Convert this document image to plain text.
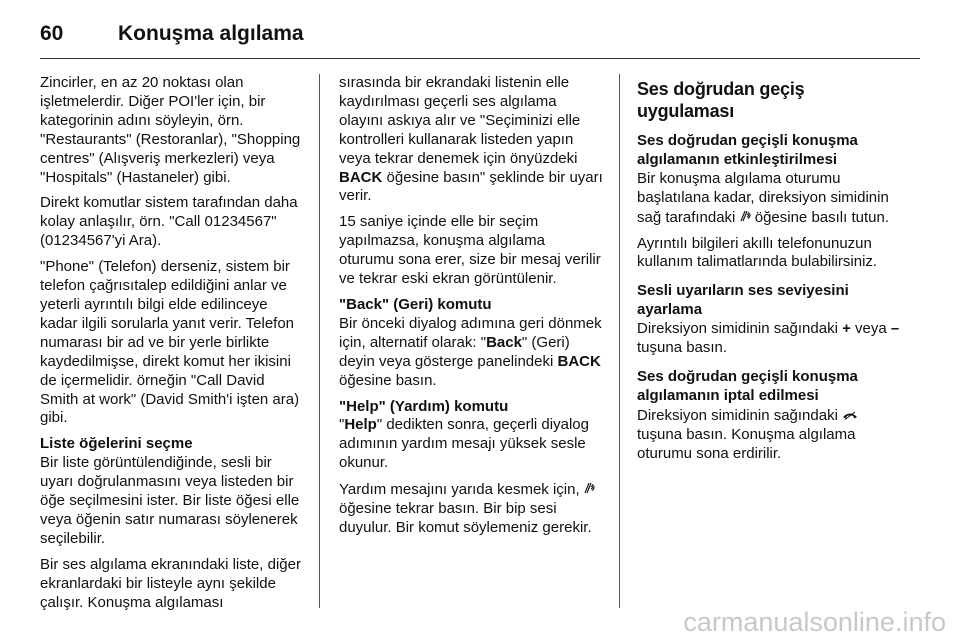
60	Konuşma algılama

Zincirler, en az 20 noktası olan işletmelerdir. Diğer POI'ler için, bir kategorinin adını söyleyin, örn. "Restaurants" (Restoranlar), "Shopping centres" (Alışveriş merkezleri) veya "Hospitals" (Hastaneler) gibi.

Direkt komutlar sistem tarafından daha kolay anlaşılır, örn. "Call 01234567" (01234567'yi Ara).

"Phone" (Telefon) derseniz, sistem bir telefon çağrısıtalep edildiğini anlar ve yeterli ayrıntılı bilgi elde edilinceye kadar ilgili sorularla yanıt verir. Telefon numarası bir ad ve bir yerle birlikte kaydedilmişse, direkt komut her ikisini de içermelidir. örneğin "Call David Smith at work" (David Smith'i işten ara) gibi.

Liste öğelerini seçme

Bir liste görüntülendiğinde, sesli bir uyarı doğrulanmasını veya listeden bir öğe seçilmesini ister. Bir liste öğesi elle veya öğenin satır numarası söylenerek seçilebilir.

Bir ses algılama ekranındaki liste, diğer ekranlardaki bir listeyle aynı şekilde çalışır. Konuşma algılaması

sırasında bir ekrandaki listenin elle kaydırılması geçerli ses algılama olayını askıya alır ve "Seçiminizi elle kontrolleri kullanarak listeden yapın veya tekrar denemek için önyüzdeki BACK öğesine basın" şeklinde bir uyarı verir.

15 saniye içinde elle bir seçim yapılmazsa, konuşma algılama oturumu sona erer, size bir mesaj verilir ve tekrar eski ekran görüntülenir.

"Back" (Geri) komutu

Bir önceki diyalog adımına geri dönmek için, alternatif olarak: "Back" (Geri) deyin veya gösterge panelindeki BACK öğesine basın.

"Help" (Yardım) komutu

"Help" dedikten sonra, geçerli diyalog adımının yardım mesajı yüksek sesle okunur.

Yardım mesajını yarıda kesmek için,  öğesine tekrar basın. Bir bip sesi duyulur. Bir komut söylemeniz gerekir.

Ses doğrudan geçiş uygulaması
Ses doğrudan geçişli konuşma algılamanın etkinleştirilmesi

Bir konuşma algılama oturumu başlatılana kadar, direksiyon simidinin sağ tarafındaki  öğesine basılı tutun.

Ayrıntılı bilgileri akıllı telefonunuzun kullanım talimatlarında bulabilirsiniz.

Sesli uyarıların ses seviyesini ayarlama

Direksiyon simidinin sağındaki + veya – tuşuna basın.

Ses doğrudan geçişli konuşma algılamanın iptal edilmesi

Direksiyon simidinin sağındaki  tuşuna basın. Konuşma algılama oturumu sona erdirilir.

carmanualsonline.info
